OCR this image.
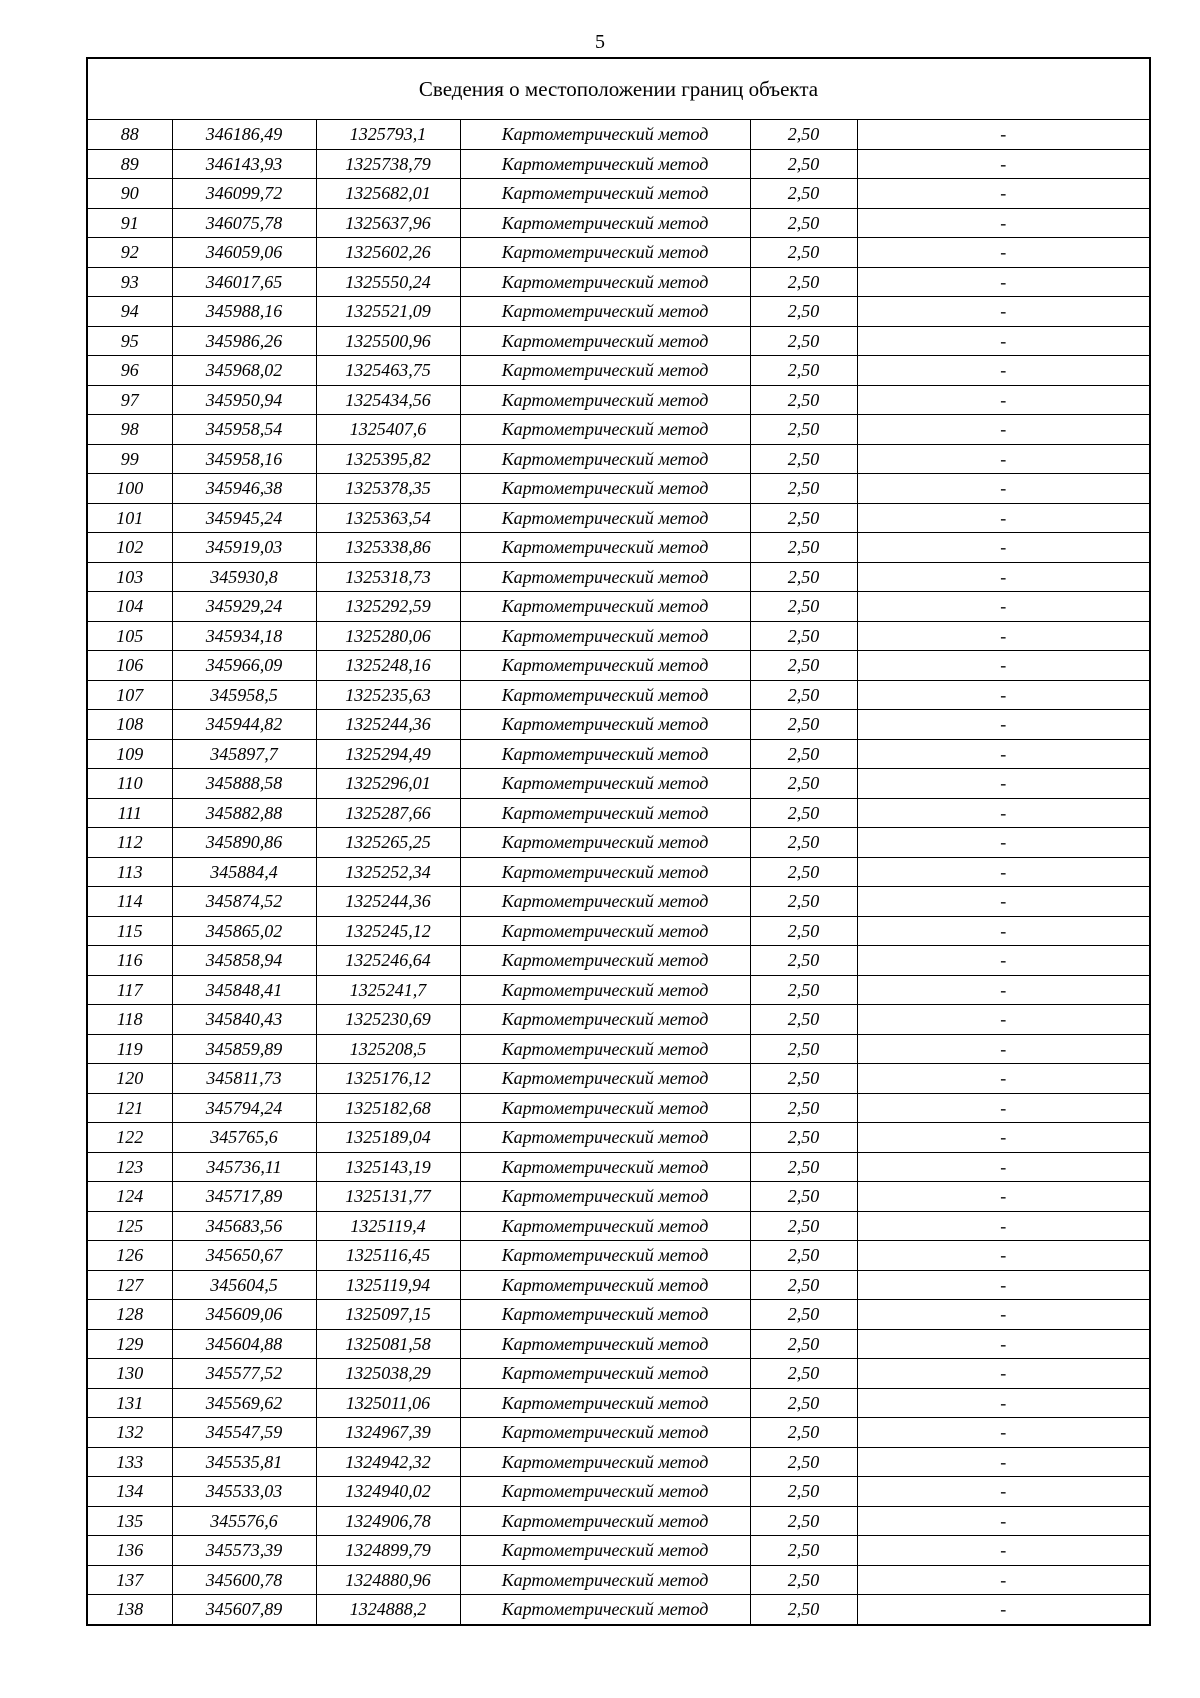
5
Сведения о местоположении границ объекта					
88	346186,49	1325793,1	Картометрический метод	2,50	-
89	346143,93	1325738,79	Картометрический метод	2,50	-
90	346099,72	1325682,01	Картометрический метод	2,50	-
91	346075,78	1325637,96	Картометрический метод	2,50	-
92	346059,06	1325602,26	Картометрический метод	2,50	-
93	346017,65	1325550,24	Картометрический метод	2,50	-
94	345988,16	1325521,09	Картометрический метод	2,50	-
95	345986,26	1325500,96	Картометрический метод	2,50	-
96	345968,02	1325463,75	Картометрический метод	2,50	-
97	345950,94	1325434,56	Картометрический метод	2,50	-
98	345958,54	1325407,6	Картометрический метод	2,50	-
99	345958,16	1325395,82	Картометрический метод	2,50	-
100	345946,38	1325378,35	Картометрический метод	2,50	-
101	345945,24	1325363,54	Картометрический метод	2,50	-
102	345919,03	1325338,86	Картометрический метод	2,50	-
103	345930,8	1325318,73	Картометрический метод	2,50	-
104	345929,24	1325292,59	Картометрический метод	2,50	-
105	345934,18	1325280,06	Картометрический метод	2,50	-
106	345966,09	1325248,16	Картометрический метод	2,50	-
107	345958,5	1325235,63	Картометрический метод	2,50	-
108	345944,82	1325244,36	Картометрический метод	2,50	-
109	345897,7	1325294,49	Картометрический метод	2,50	-
110	345888,58	1325296,01	Картометрический метод	2,50	-
111	345882,88	1325287,66	Картометрический метод	2,50	-
112	345890,86	1325265,25	Картометрический метод	2,50	-
113	345884,4	1325252,34	Картометрический метод	2,50	-
114	345874,52	1325244,36	Картометрический метод	2,50	-
115	345865,02	1325245,12	Картометрический метод	2,50	-
116	345858,94	1325246,64	Картометрический метод	2,50	-
117	345848,41	1325241,7	Картометрический метод	2,50	-
118	345840,43	1325230,69	Картометрический метод	2,50	-
119	345859,89	1325208,5	Картометрический метод	2,50	-
120	345811,73	1325176,12	Картометрический метод	2,50	-
121	345794,24	1325182,68	Картометрический метод	2,50	-
122	345765,6	1325189,04	Картометрический метод	2,50	-
123	345736,11	1325143,19	Картометрический метод	2,50	-
124	345717,89	1325131,77	Картометрический метод	2,50	-
125	345683,56	1325119,4	Картометрический метод	2,50	-
126	345650,67	1325116,45	Картометрический метод	2,50	-
127	345604,5	1325119,94	Картометрический метод	2,50	-
128	345609,06	1325097,15	Картометрический метод	2,50	-
129	345604,88	1325081,58	Картометрический метод	2,50	-
130	345577,52	1325038,29	Картометрический метод	2,50	-
131	345569,62	1325011,06	Картометрический метод	2,50	-
132	345547,59	1324967,39	Картометрический метод	2,50	-
133	345535,81	1324942,32	Картометрический метод	2,50	-
134	345533,03	1324940,02	Картометрический метод	2,50	-
135	345576,6	1324906,78	Картометрический метод	2,50	-
136	345573,39	1324899,79	Картометрический метод	2,50	-
137	345600,78	1324880,96	Картометрический метод	2,50	-
138	345607,89	1324888,2	Картометрический метод	2,50	-
